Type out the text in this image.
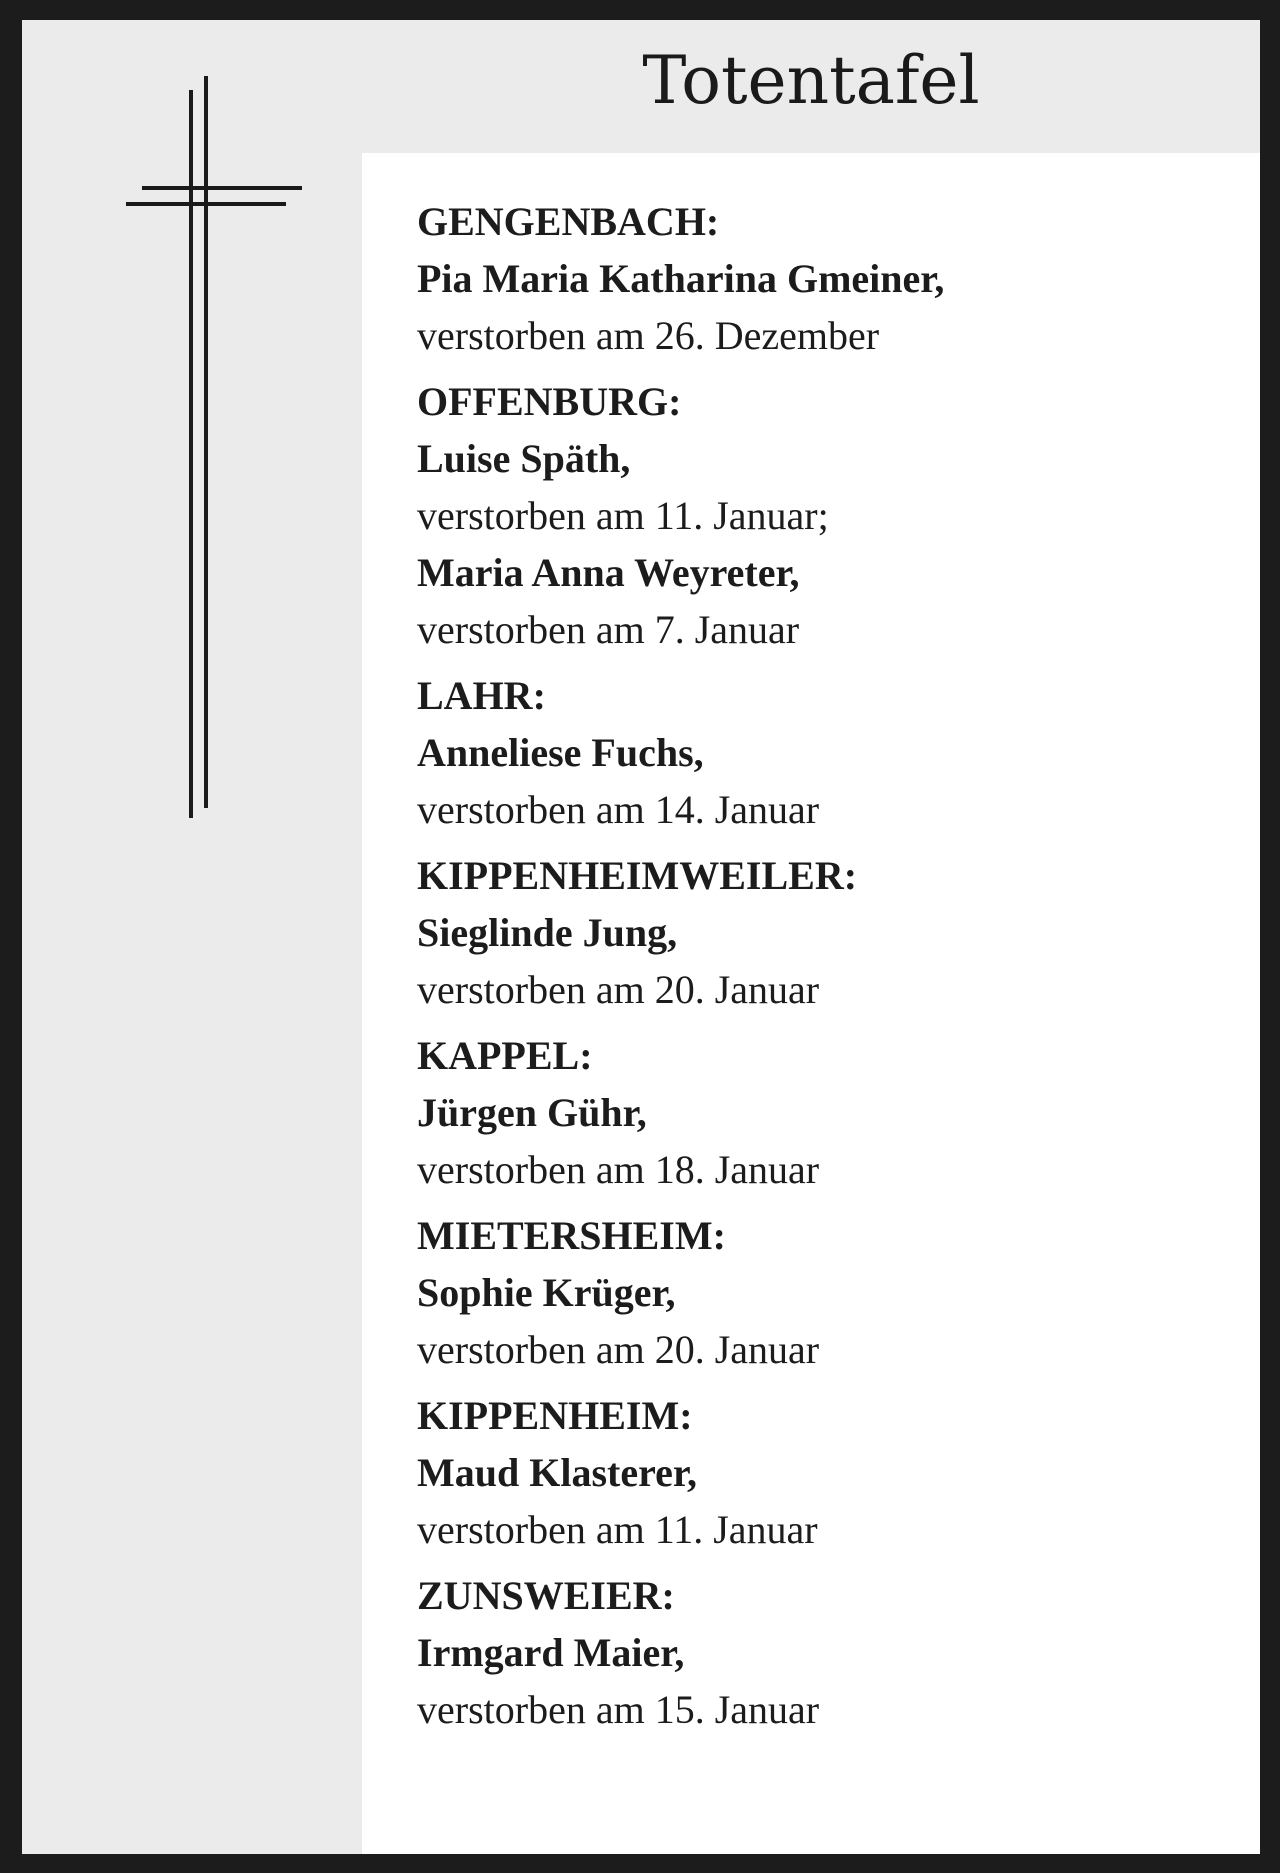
Totentafel
GENGENBACH:
Pia Maria Katharina Gmeiner,
verstorben am 26. Dezember
OFFENBURG:
Luise Späth,
verstorben am 11. Januar;
Maria Anna Weyreter,
verstorben am 7. Januar
LAHR:
Anneliese Fuchs,
verstorben am 14. Januar
KIPPENHEIMWEILER:
Sieglinde Jung,
verstorben am 20. Januar
KAPPEL:
Jürgen Gühr,
verstorben am 18. Januar
MIETERSHEIM:
Sophie Krüger,
verstorben am 20. Januar
KIPPENHEIM:
Maud Klasterer,
verstorben am 11. Januar
ZUNSWEIER:
Irmgard Maier,
verstorben am 15. Januar
